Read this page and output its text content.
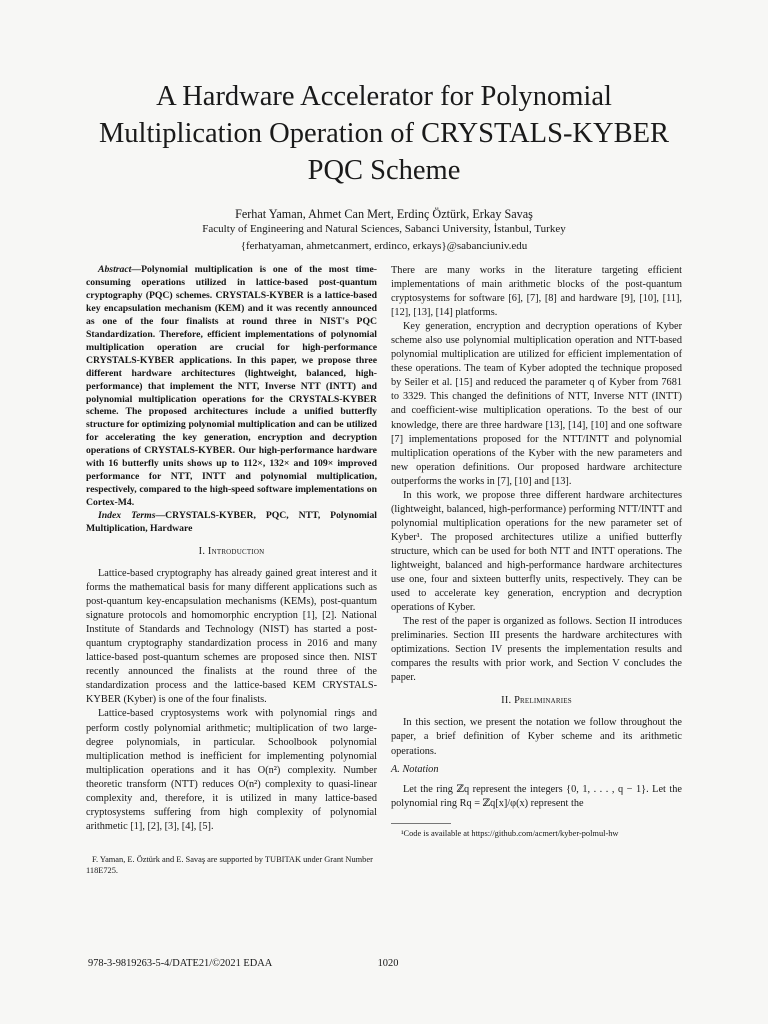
A Hardware Accelerator for Polynomial
Multiplication Operation of CRYSTALS-KYBER
PQC Scheme
Ferhat Yaman, Ahmet Can Mert, Erdinç Öztürk, Erkay Savaş
Faculty of Engineering and Natural Sciences, Sabanci University, İstanbul, Turkey
{ferhatyaman, ahmetcanmert, erdinco, erkays}@sabanciuniv.edu

Abstract—Polynomial multiplication is one of the most time-consuming operations utilized in lattice-based post-quantum cryptography (PQC) schemes. CRYSTALS-KYBER is a lattice-based key encapsulation mechanism (KEM) and it was recently announced as one of the four finalists at round three in NIST's PQC Standardization. Therefore, efficient implementations of polynomial multiplication operation are crucial for high-performance CRYSTALS-KYBER applications. In this paper, we propose three different hardware architectures (lightweight, balanced, high-performance) that implement the NTT, Inverse NTT (INTT) and polynomial multiplication operations for the CRYSTALS-KYBER scheme. The proposed architectures include a unified butterfly structure for optimizing polynomial multiplication and can be utilized for accelerating the key generation, encryption and decryption operations of CRYSTALS-KYBER. Our high-performance hardware with 16 butterfly units shows up to 112×, 132× and 109× improved performance for NTT, INTT and polynomial multiplication, respectively, compared to the high-speed software implementations on Cortex-M4.

Index Terms—CRYSTALS-KYBER, PQC, NTT, Polynomial Multiplication, Hardware

I. Introduction

Lattice-based cryptography has already gained great interest and it forms the mathematical basis for many different applications such as post-quantum key-encapsulation mechanisms (KEMs), post-quantum signature protocols and homomorphic encryption [1], [2]. National Institute of Standards and Technology (NIST) has started a post-quantum cryptography standardization process in 2016 and many lattice-based post-quantum schemes are proposed since then. NIST recently announced the finalists at the round three of the standardization process and the lattice-based KEM CRYSTALS-KYBER (Kyber) is one of the four finalists.

Lattice-based cryptosystems work with polynomial rings and perform costly polynomial arithmetic; multiplication of two large-degree polynomials, in particular. Schoolbook polynomial multiplication method is inefficient for implementing polynomial multiplication operations and it has O(n²) complexity. Number theoretic transform (NTT) reduces O(n²) complexity to quasi-linear complexity and, therefore, it is utilized in many lattice-based cryptosystems suffering from high complexity of polynomial arithmetic [1], [2], [3], [4], [5].

F. Yaman, E. Öztürk and E. Savaş are supported by TUBITAK under Grant Number 118E725.

There are many works in the literature targeting efficient implementations of main arithmetic blocks of the post-quantum cryptosystems for software [6], [7], [8] and hardware [9], [10], [11], [12], [13], [14] platforms.

Key generation, encryption and decryption operations of Kyber scheme also use polynomial multiplication operation and NTT-based polynomial multiplication are utilized for efficient implementation of these operations. The team of Kyber adopted the technique proposed by Seiler et al. [15] and reduced the parameter q of Kyber from 7681 to 3329. This changed the definitions of NTT, Inverse NTT (INTT) and coefficient-wise multiplication operations. To the best of our knowledge, there are three hardware [13], [14], [10] and one software [7] implementations proposed for the NTT/INTT and polynomial multiplication operations of the Kyber with the new parameters and new operation definitions. Our proposed hardware architecture outperforms the works in [7], [10] and [13].

In this work, we propose three different hardware architectures (lightweight, balanced, high-performance) performing NTT/INTT and polynomial multiplication operations for the new parameter set of Kyber¹. The proposed architectures utilize a unified butterfly structure, which can be used for both NTT and INTT operations. The lightweight, balanced and high-performance hardware architectures use one, four and sixteen butterfly units, respectively. They can be used to accelerate key generation, encryption and decryption operations of Kyber.

The rest of the paper is organized as follows. Section II introduces preliminaries. Section III presents the hardware architectures with optimizations. Section IV presents the implementation results and compares the results with prior work, and Section V concludes the paper.

II. Preliminaries

In this section, we present the notation we follow throughout the paper, a brief definition of Kyber scheme and its arithmetic operations.

A. Notation

Let the ring ℤq represent the integers {0, 1, . . . , q − 1}. Let the polynomial ring Rq = ℤq[x]/φ(x) represent the

¹Code is available at https://github.com/acmert/kyber-polmul-hw
978-3-9819263-5-4/DATE21/©2021 EDAA	1020
